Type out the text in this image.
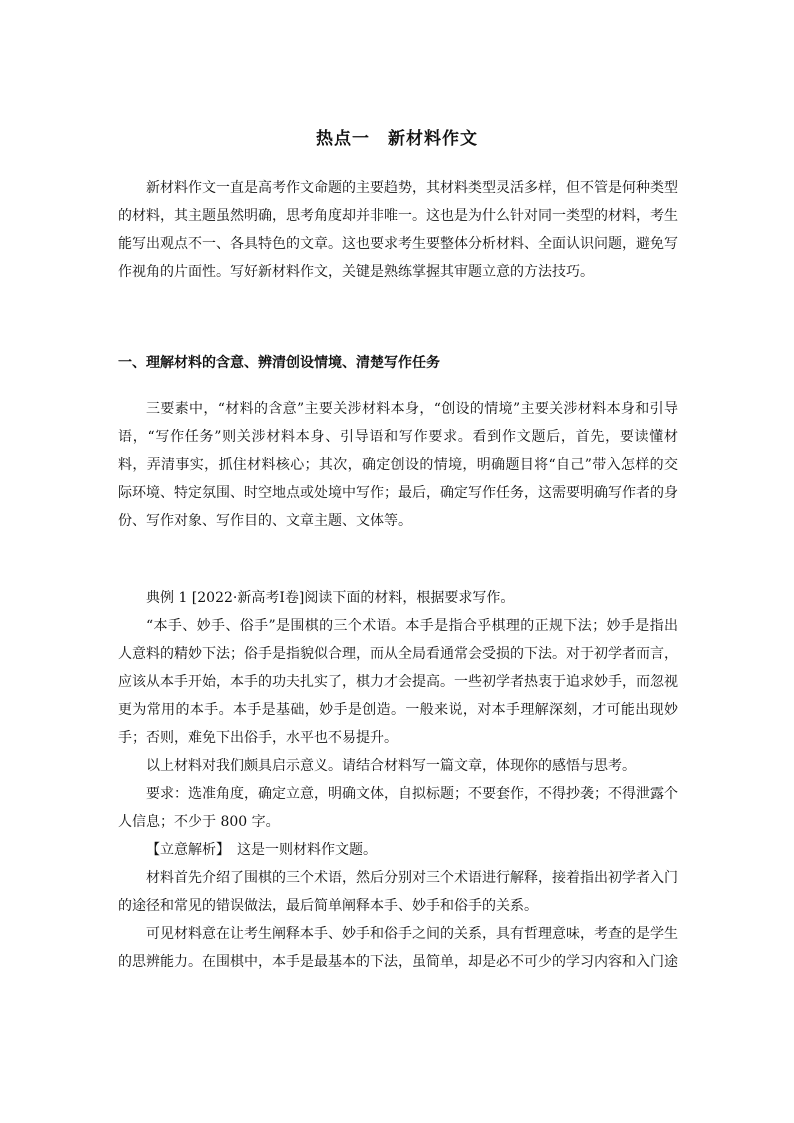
热点一　新材料作文

新材料作文一直是高考作文命题的主要趋势，其材料类型灵活多样，但不管是何种类型的材料，其主题虽然明确，思考角度却并非唯一。这也是为什么针对同一类型的材料，考生能写出观点不一、各具特色的文章。这也要求考生要整体分析材料、全面认识问题，避免写作视角的片面性。写好新材料作文，关键是熟练掌握其审题立意的方法技巧。

一、理解材料的含意、辨清创设情境、清楚写作任务

三要素中，“材料的含意”主要关涉材料本身，“创设的情境”主要关涉材料本身和引导语，“写作任务”则关涉材料本身、引导语和写作要求。看到作文题后，首先，要读懂材料，弄清事实，抓住材料核心；其次，确定创设的情境，明确题目将“自己”带入怎样的交际环境、特定氛围、时空地点或处境中写作；最后，确定写作任务，这需要明确写作者的身份、写作对象、写作目的、文章主题、文体等。

典例 1 [2022·新高考Ⅰ卷]阅读下面的材料，根据要求写作。

“本手、妙手、俗手”是围棋的三个术语。本手是指合乎棋理的正规下法；妙手是指出人意料的精妙下法；俗手是指貌似合理，而从全局看通常会受损的下法。对于初学者而言，应该从本手开始，本手的功夫扎实了，棋力才会提高。一些初学者热衷于追求妙手，而忽视更为常用的本手。本手是基础，妙手是创造。一般来说，对本手理解深刻，才可能出现妙手；否则，难免下出俗手，水平也不易提升。

以上材料对我们颇具启示意义。请结合材料写一篇文章，体现你的感悟与思考。

要求：选准角度，确定立意，明确文体，自拟标题；不要套作，不得抄袭；不得泄露个人信息；不少于 800 字。

【立意解析】　这是一则材料作文题。

材料首先介绍了围棋的三个术语，然后分别对三个术语进行解释，接着指出初学者入门的途径和常见的错误做法，最后简单阐释本手、妙手和俗手的关系。

可见材料意在让考生阐释本手、妙手和俗手之间的关系，具有哲理意味，考查的是学生的思辨能力。在围棋中，本手是最基本的下法，虽简单，却是必不可少的学习内容和入门途
